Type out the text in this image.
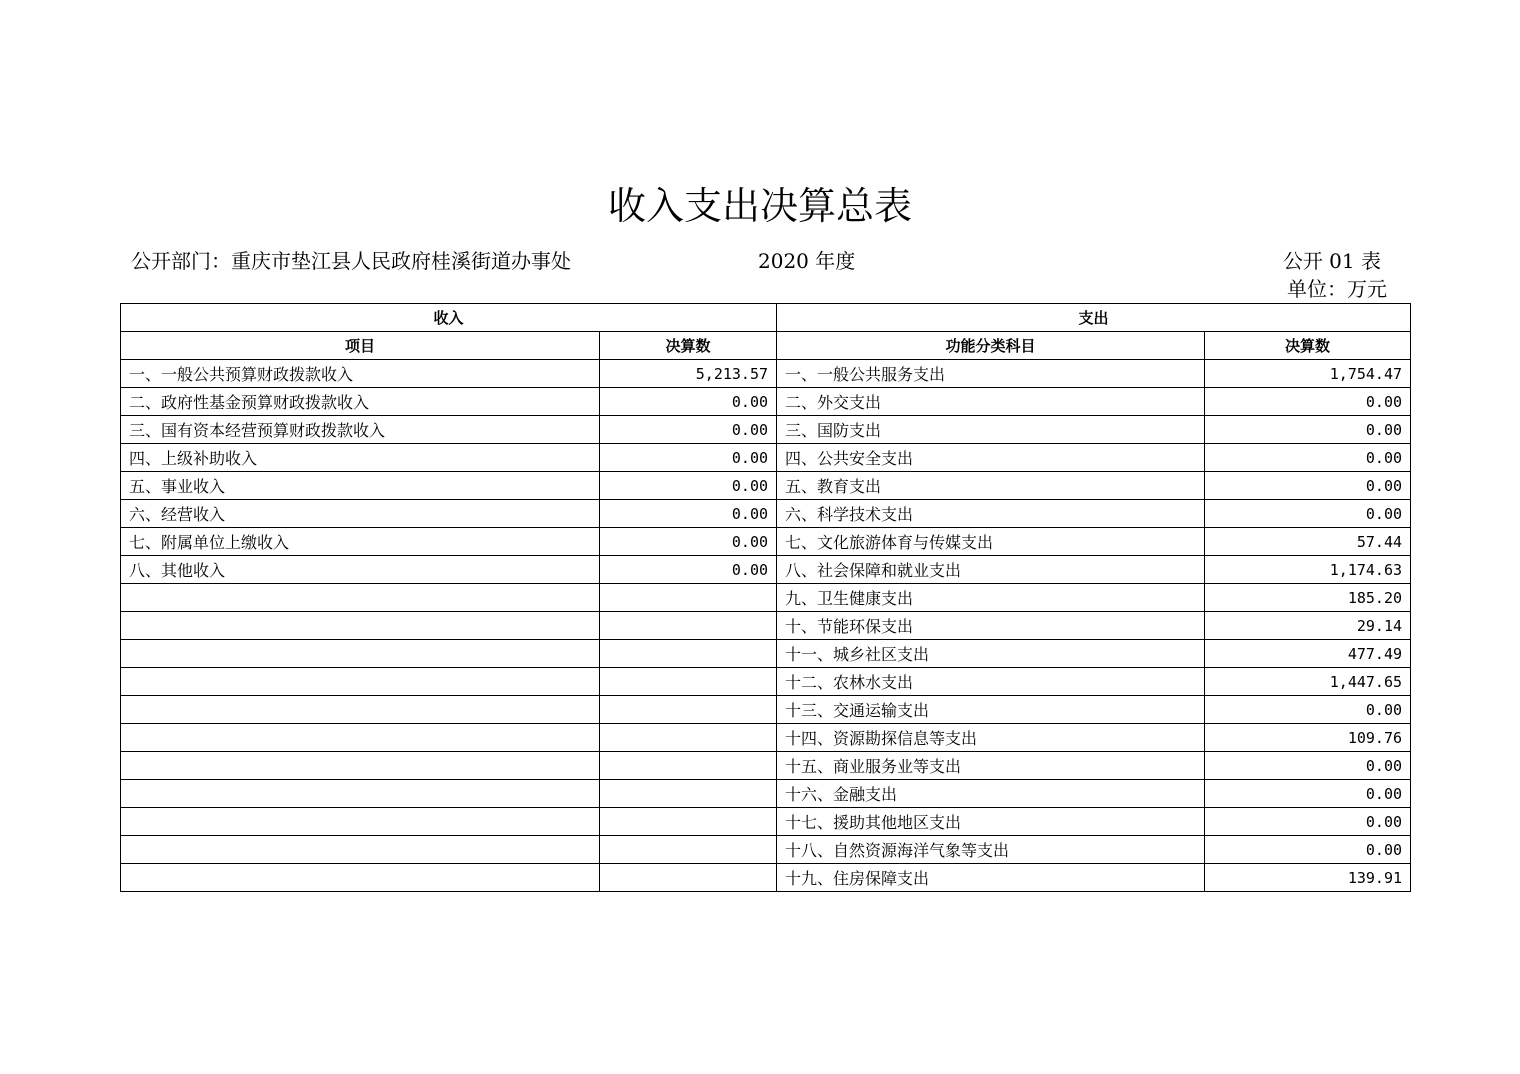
收入支出决算总表
公开部门：重庆市垫江县人民政府桂溪街道办事处	2020 年度	公开 01 表
单位：万元
收入		支出	
项目	决算数	功能分类科目	决算数
一、一般公共预算财政拨款收入	5,213.57	一、一般公共服务支出	1,754.47
二、政府性基金预算财政拨款收入	0.00	二、外交支出	0.00
三、国有资本经营预算财政拨款收入	0.00	三、国防支出	0.00
四、上级补助收入	0.00	四、公共安全支出	0.00
五、事业收入	0.00	五、教育支出	0.00
六、经营收入	0.00	六、科学技术支出	0.00
七、附属单位上缴收入	0.00	七、文化旅游体育与传媒支出	57.44
八、其他收入	0.00	八、社会保障和就业支出	1,174.63
		九、卫生健康支出	185.20
		十、节能环保支出	29.14
		十一、城乡社区支出	477.49
		十二、农林水支出	1,447.65
		十三、交通运输支出	0.00
		十四、资源勘探信息等支出	109.76
		十五、商业服务业等支出	0.00
		十六、金融支出	0.00
		十七、援助其他地区支出	0.00
		十八、自然资源海洋气象等支出	0.00
		十九、住房保障支出	139.91
